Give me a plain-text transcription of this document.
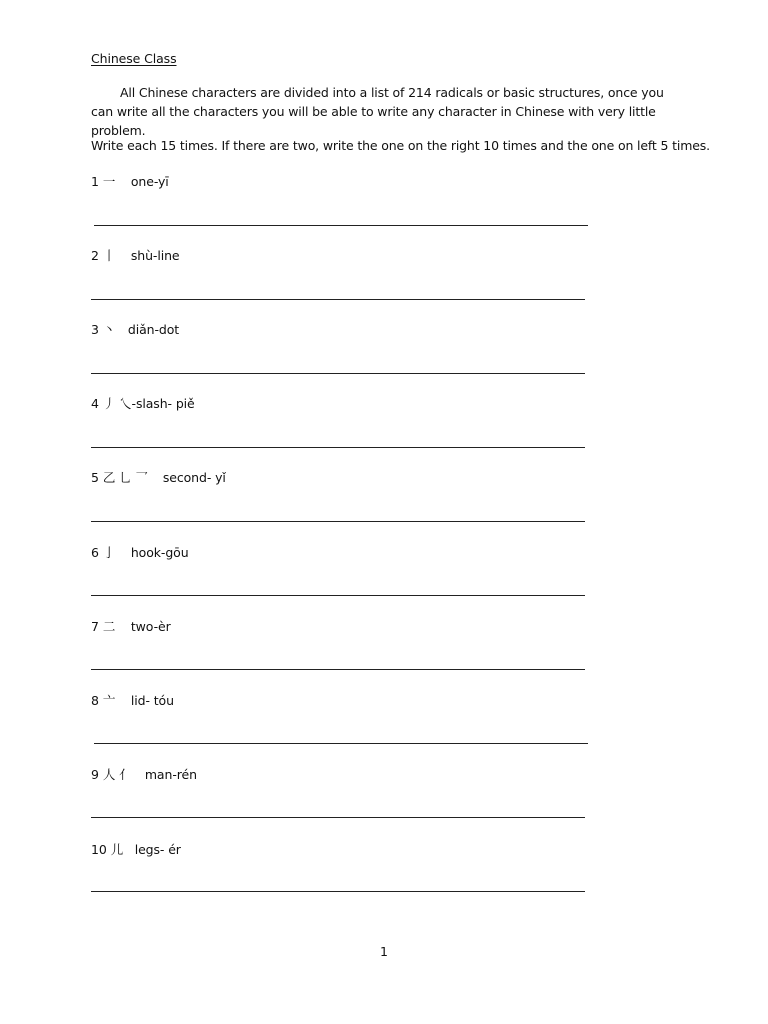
Chinese Class

All Chinese characters are divided into a list of 214 radicals or basic structures, once you can write all the characters you will be able to write any character in Chinese with very little problem.

Write each 15 times. If there are two, write the one on the right 10 times and the one on left 5 times.

1 一 one-yī
2 丨 shù-line
3 丶 diǎn-dot
4 丿 乀-slash- piě
5 乙 乚 乛 second- yǐ
6 亅 hook-gōu
7 二 two-èr
8 亠 lid- tóu
9 人 亻 man-rén
10 儿 legs- ér
1
